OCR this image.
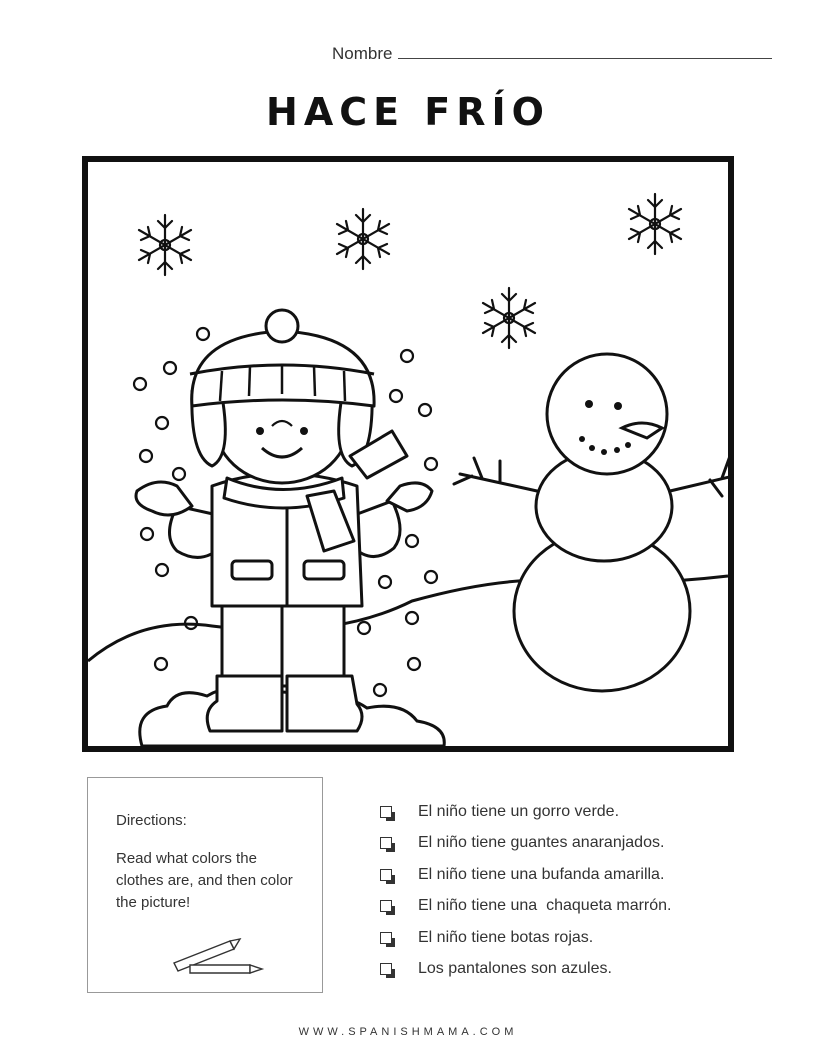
Nombre
HACE FRÍO
Directions:
Read what colors the clothes are, and then color the picture!
El niño tiene un gorro verde.
El niño tiene guantes anaranjados.
El niño tiene una bufanda amarilla.
El niño tiene una  chaqueta marrón.
El niño tiene botas rojas.
Los pantalones son azules.
WWW.SPANISHMAMA.COM
